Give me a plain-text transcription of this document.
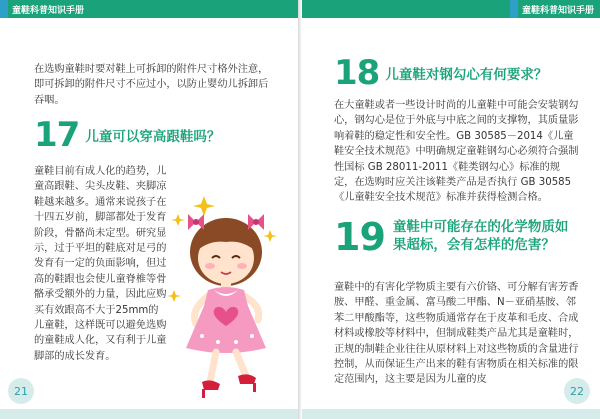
童鞋科普知识手册
在选购童鞋时要对鞋上可拆卸的附件尺寸格外注意，即可拆卸的附件尺寸不应过小，以防止婴幼儿拆卸后吞咽。
17 儿童可以穿高跟鞋吗？
童鞋目前有成人化的趋势，儿童高跟鞋、尖头皮鞋、夹脚凉鞋越来越多。通常来说孩子在十四五岁前，脚部都处于发育阶段，骨骼尚未定型。研究显示，过于平坦的鞋底对足弓的发育有一定的负面影响，但过高的鞋跟也会使儿童脊椎等骨骼承受额外的力量，因此应购买有效跟高不大于25mm的儿童鞋，这样既可以避免选购的童鞋成人化，又有利于儿童脚部的成长发育。
21
童鞋科普知识手册
18 儿童鞋对钢勾心有何要求？
在大童鞋或者一些设计时尚的儿童鞋中可能会安装钢勾心，钢勾心是位于外底与中底之间的支撑物，其质量影响着鞋的稳定性和安全性。GB 30585－2014《儿童鞋安全技术规范》中明确规定童鞋钢勾心必须符合强制性国标 GB 28011-2011《鞋类钢勾心》标准的规定，在选购时应关注该鞋类产品是否执行 GB 30585《儿童鞋安全技术规范》标准并获得检测合格。
19 童鞋中可能存在的化学物质如果超标，会有怎样的危害？
童鞋中的有害化学物质主要有六价铬、可分解有害芳香胺、甲醛、重金属、富马酸二甲酯、N－亚硝基胺、邻苯二甲酸酯等，这些物质通常存在于皮革和毛皮、合成材料或橡胶等材料中，但制成鞋类产品尤其是童鞋时，正规的制鞋企业往往从原材料上对这些物质的含量进行控制，从而保证生产出来的鞋有害物质在相关标准的限定范围内，这主要是因为儿童的皮
22
